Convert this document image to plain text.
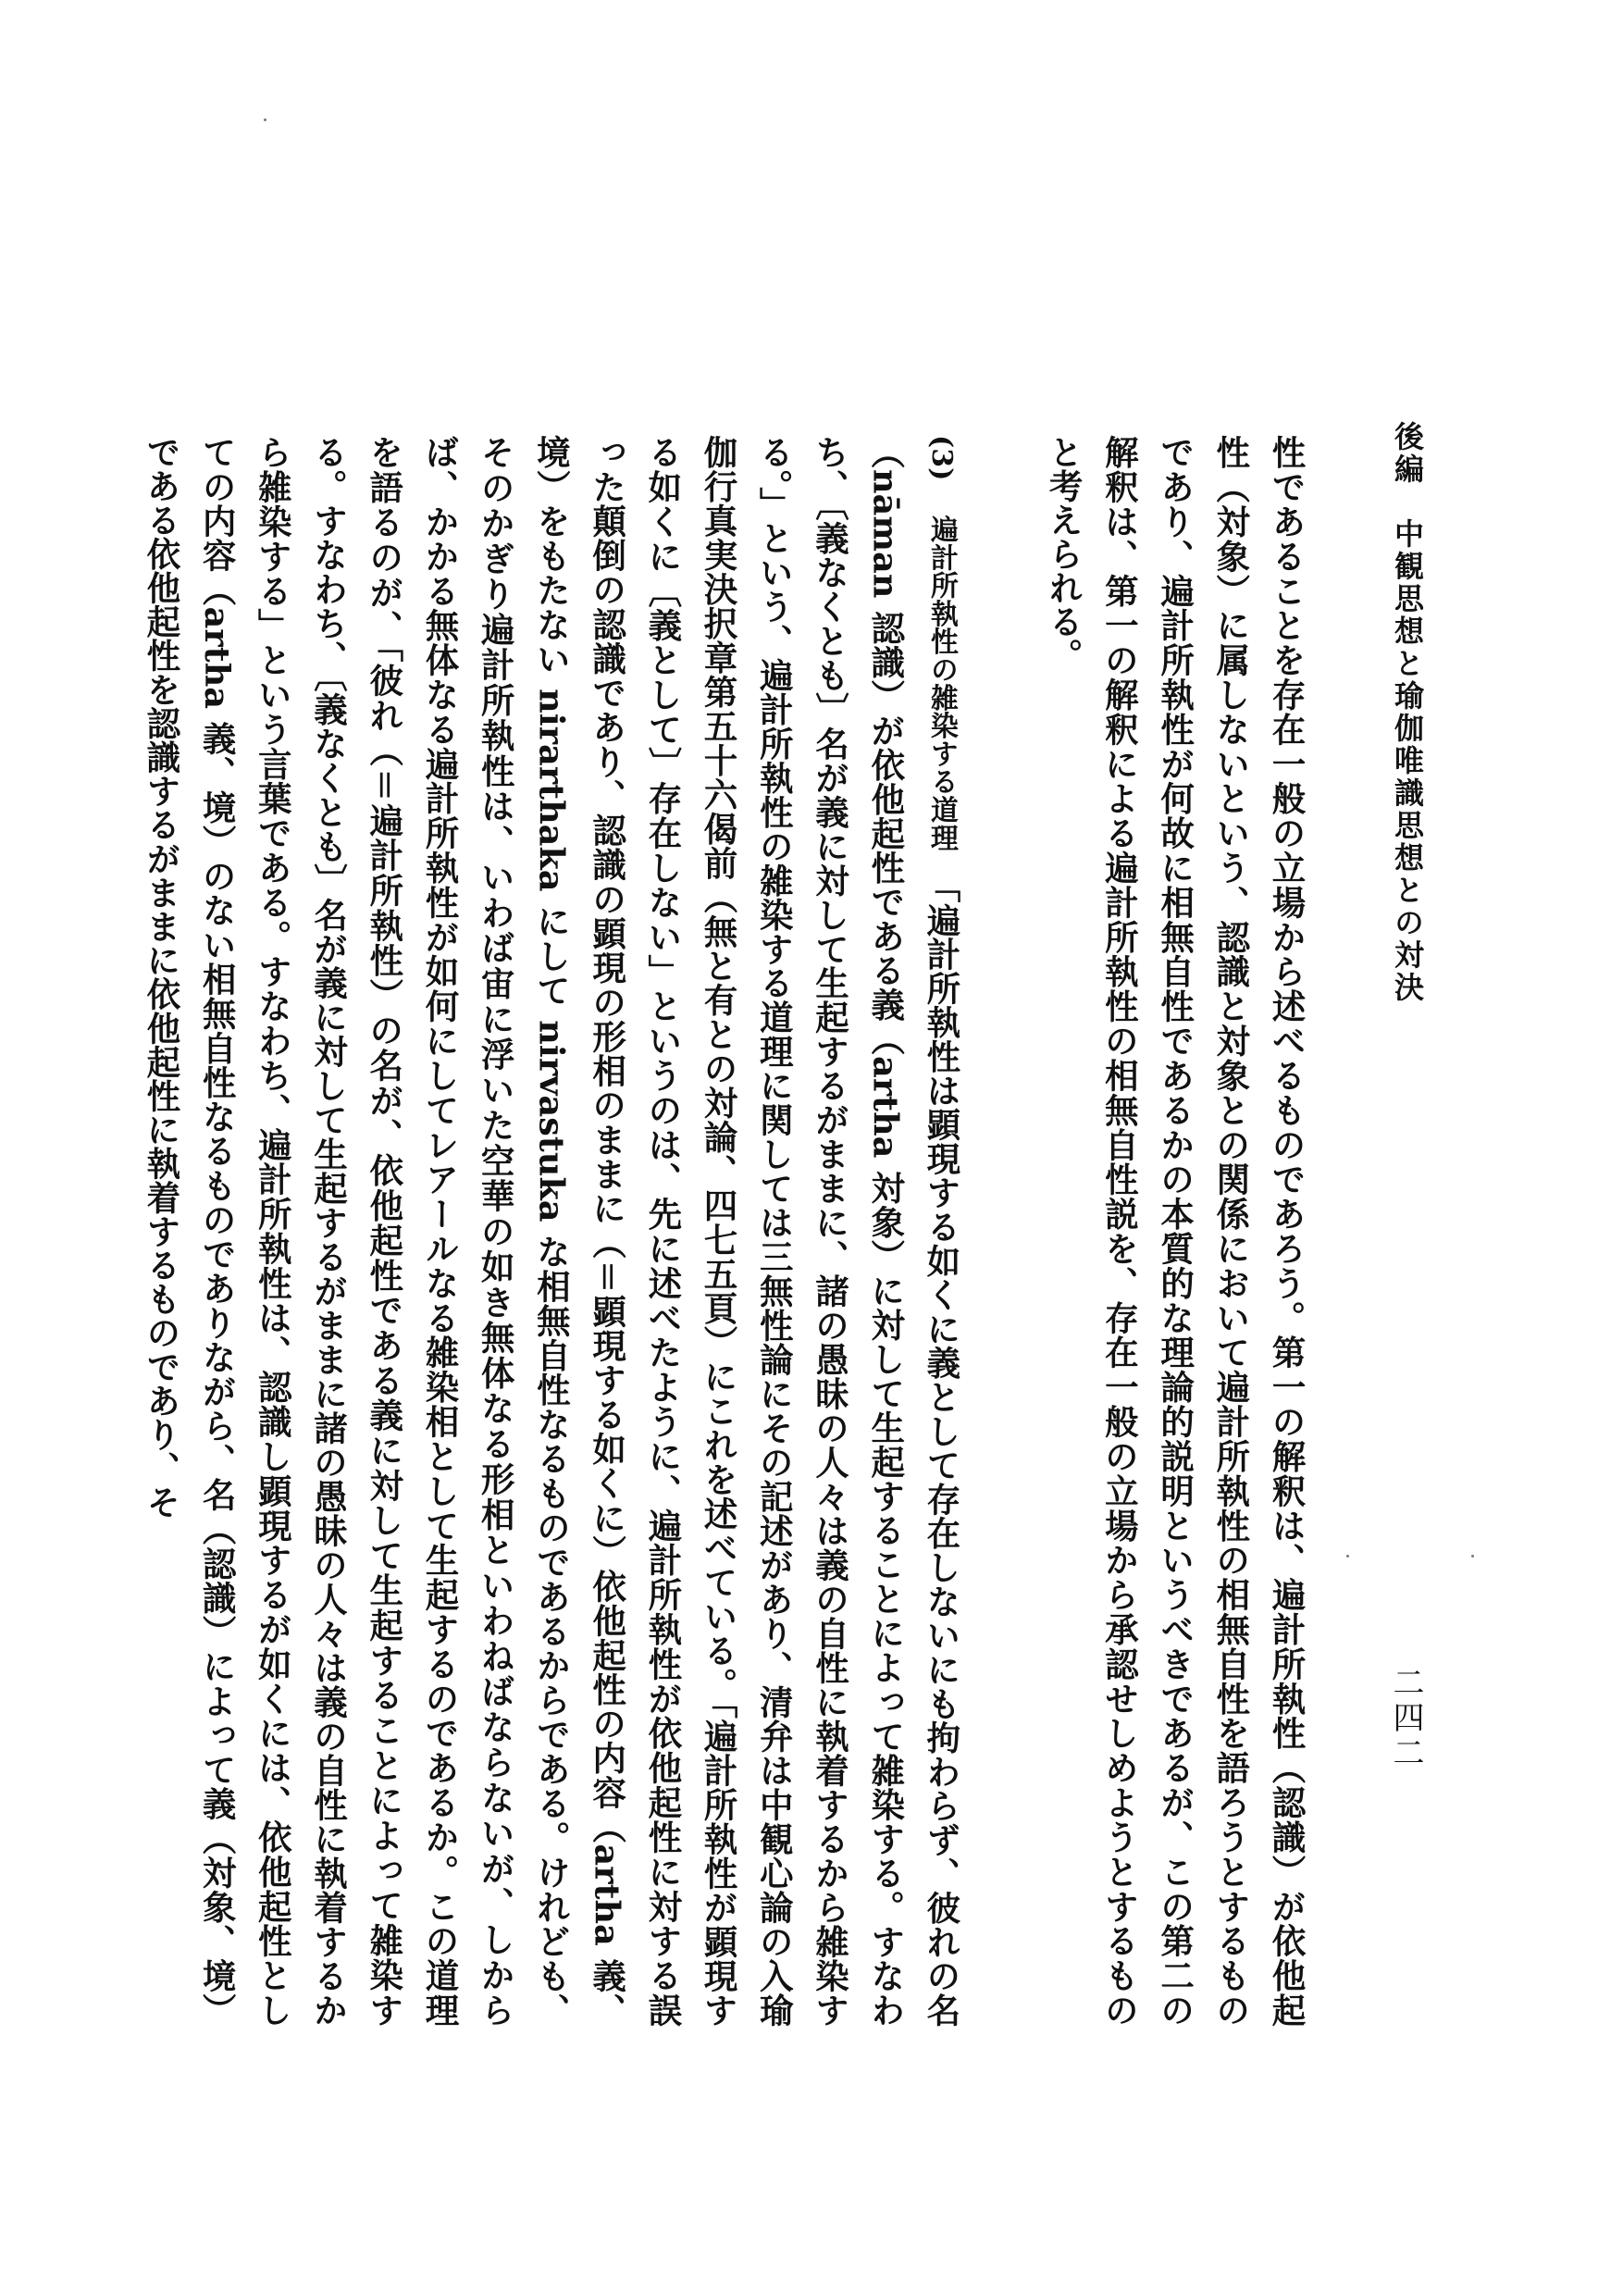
後編　中観思想と瑜伽唯識思想との対決
二四二

性であることを存在一般の立場から述べるものであろう。第一の解釈は、遍計所執性（認識）が依他起性（対象）に属しないという、認識と対象との関係において遍計所執性の相無自性を語ろうとするものであり、遍計所執性が何故に相無自性であるかの本質的な理論的説明というべきであるが、この第二の解釈は、第一の解釈による遍計所執性の相無自性説を、存在一般の立場から承認せしめようとするものと考えられる。

(3)　遍計所執性の雑染する道理　「遍計所執性は顕現する如くに義として存在しないにも拘わらず、彼れの名（nāman 認識）が依他起性である義（artha 対象）に対して生起することによって雑染する。すなわち、〔義なくとも〕名が義に対して生起するがままに、諸の愚昧の人々は義の自性に執着するから雑染する。」という、遍計所執性の雑染する道理に関しては三無性論にその記述があり、清弁は中観心論の入瑜伽行真実決択章第五十六偈前（無と有との対論、四七五頁）にこれを述べている。「遍計所執性が顕現する如くに〔義として〕存在しない」というのは、先に述べたように、遍計所執性が依他起性に対する誤った顛倒の認識であり、認識の顕現の形相のままに（＝顕現する如くに）依他起性の内容（artha 義、境）をもたない nirarthaka にして nirvastuka な相無自性なるものであるからである。けれども、そのかぎり遍計所執性は、いわば宙に浮いた空華の如き無体なる形相といわねばならないが、しからば、かかる無体なる遍計所執性が如何にしてレアールなる雑染相として生起するのであるか。この道理を語るのが、「彼れ（＝遍計所執性）の名が、依他起性である義に対して生起することによって雑染する。すなわち、〔義なくとも〕名が義に対して生起するがままに諸の愚昧の人々は義の自性に執着するから雑染する」という言葉である。すなわち、遍計所執性は、認識し顕現するが如くには、依他起性としての内容（artha 義、境）のない相無自性なるものでありながら、名（認識）によって義（対象、境）である依他起性を認識するがままに依他起性に執着するものであり、そ
